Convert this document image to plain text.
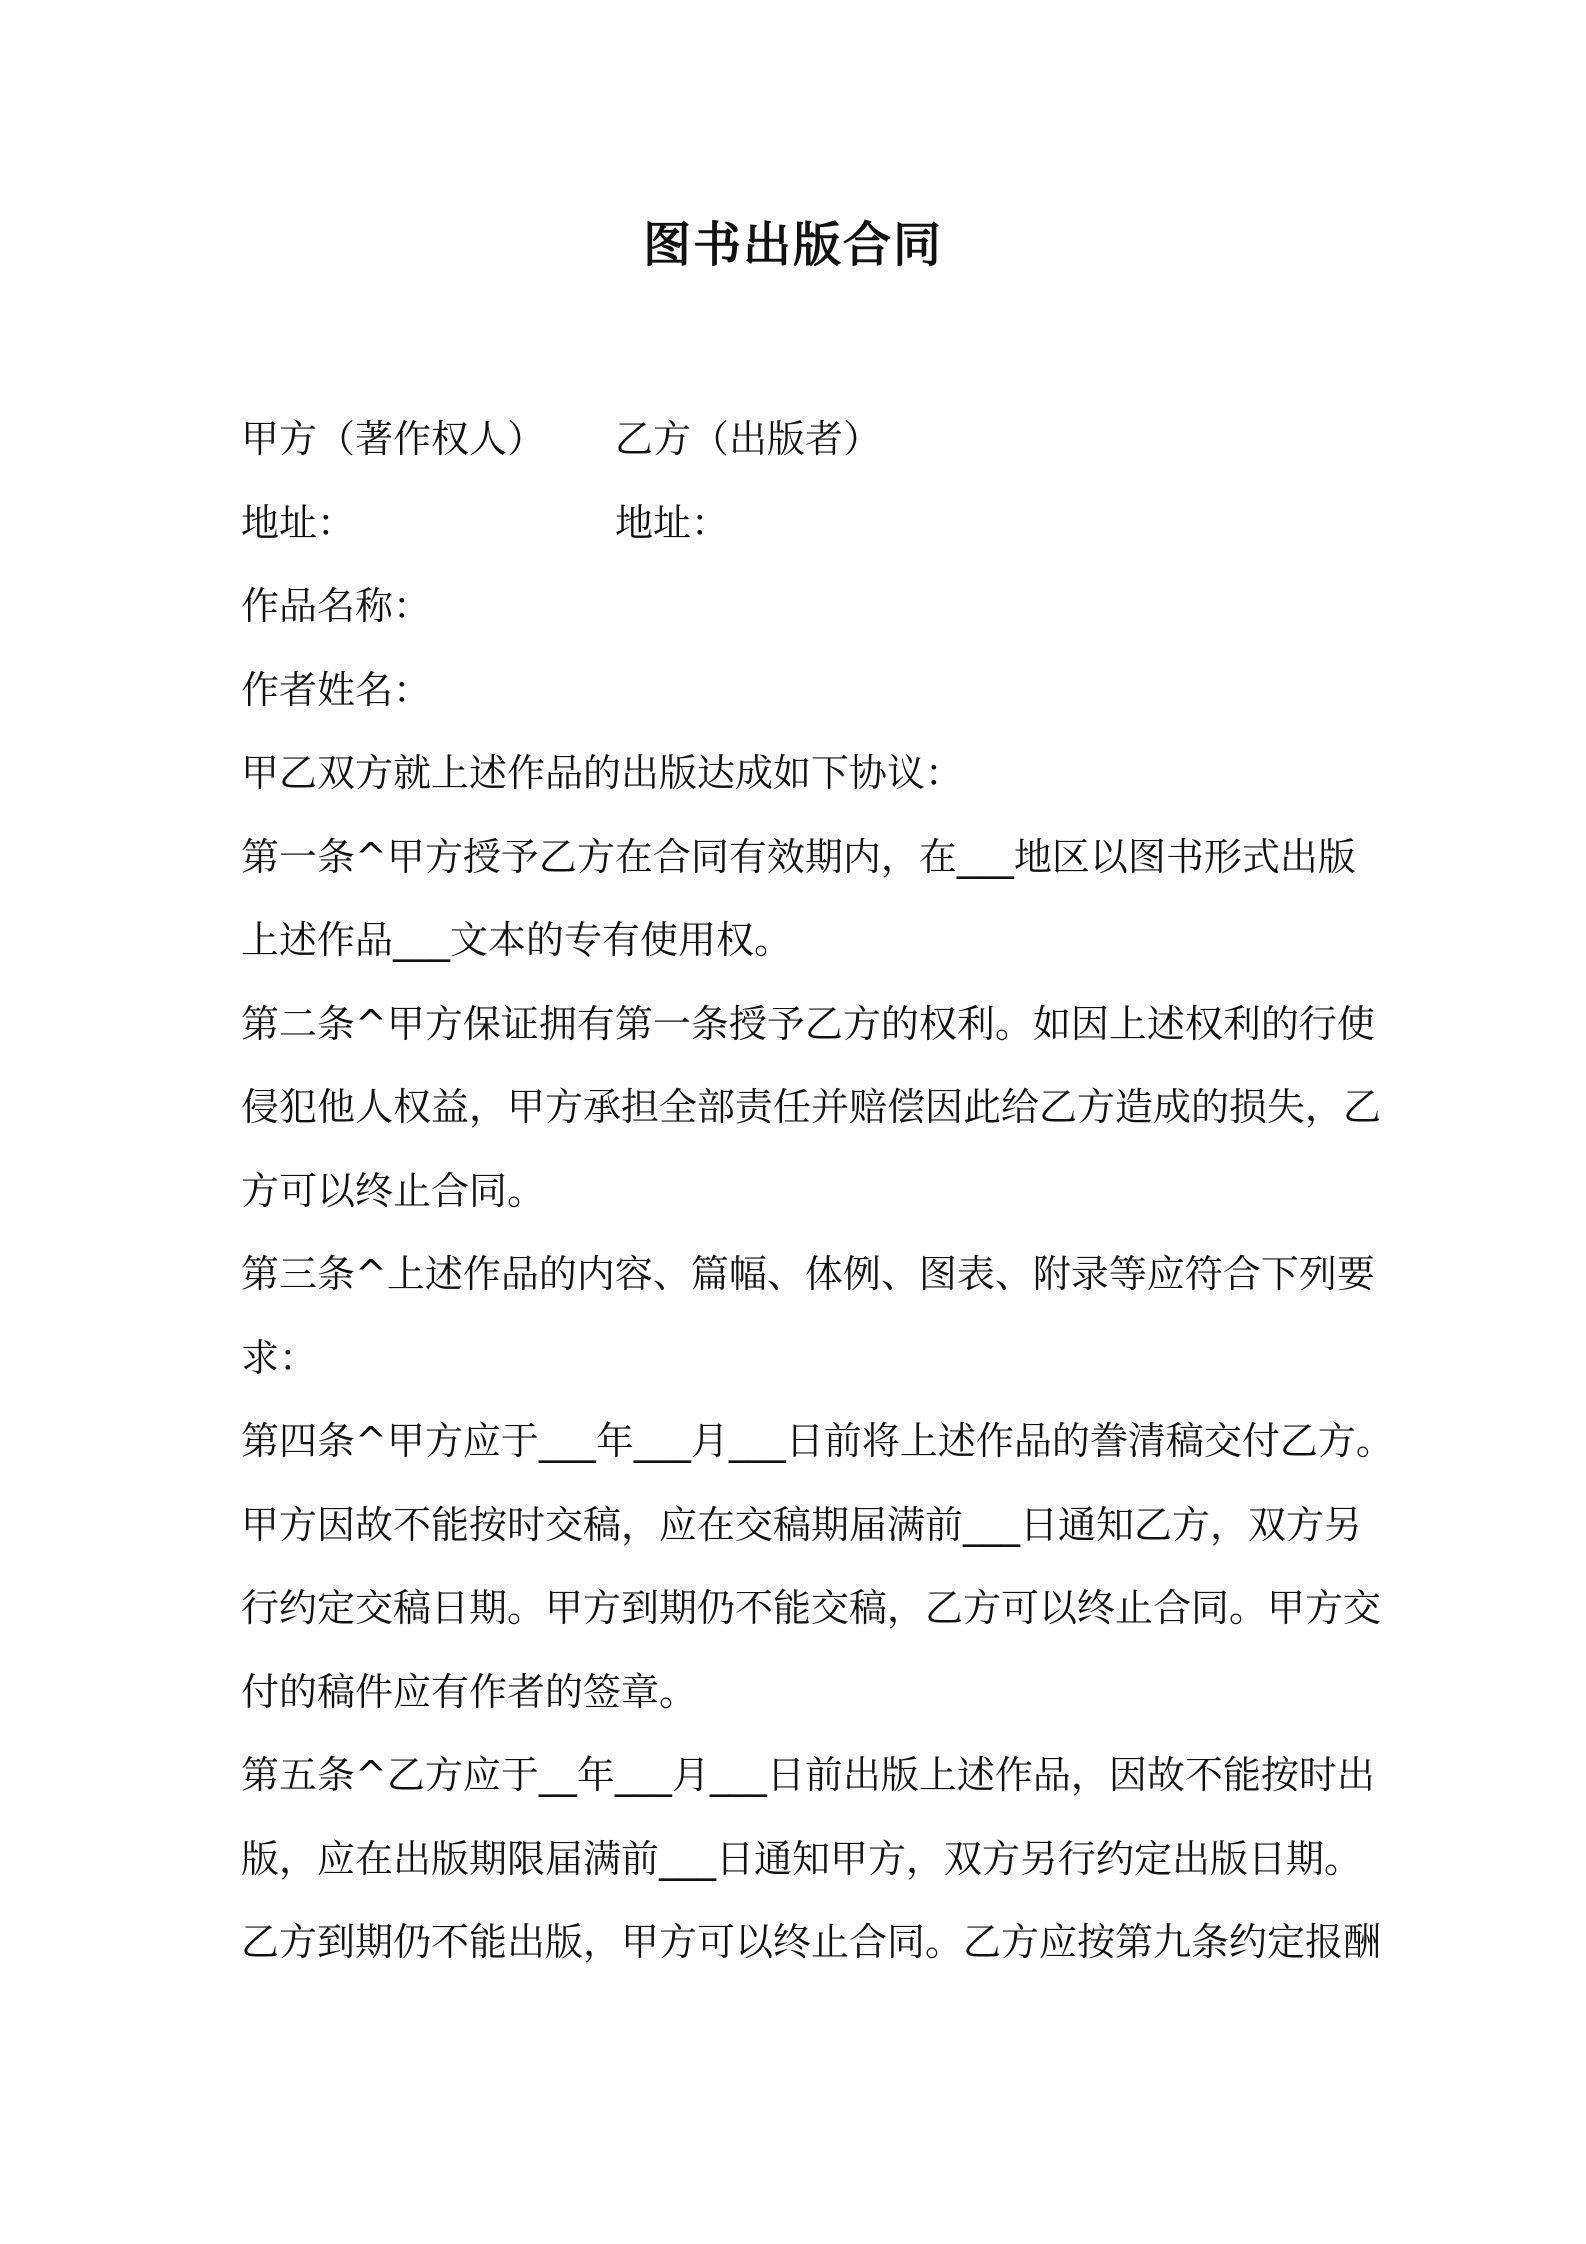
图书出版合同
甲方（著作权人）	乙方（出版者）
地址：	地址：
作品名称：
作者姓名：
甲乙双方就上述作品的出版达成如下协议：
第一条^甲方授予乙方在合同有效期内，在___地区以图书形式出版
上述作品___文本的专有使用权。
第二条^甲方保证拥有第一条授予乙方的权利。如因上述权利的行使
侵犯他人权益，甲方承担全部责任并赔偿因此给乙方造成的损失，乙
方可以终止合同。
第三条^上述作品的内容、篇幅、体例、图表、附录等应符合下列要
求：
第四条^甲方应于___年___月___日前将上述作品的誊清稿交付乙方。
甲方因故不能按时交稿，应在交稿期届满前___日通知乙方，双方另
行约定交稿日期。甲方到期仍不能交稿，乙方可以终止合同。甲方交
付的稿件应有作者的签章。
第五条^乙方应于__年___月___日前出版上述作品，因故不能按时出
版，应在出版期限届满前___日通知甲方，双方另行约定出版日期。
乙方到期仍不能出版，甲方可以终止合同。乙方应按第九条约定报酬
